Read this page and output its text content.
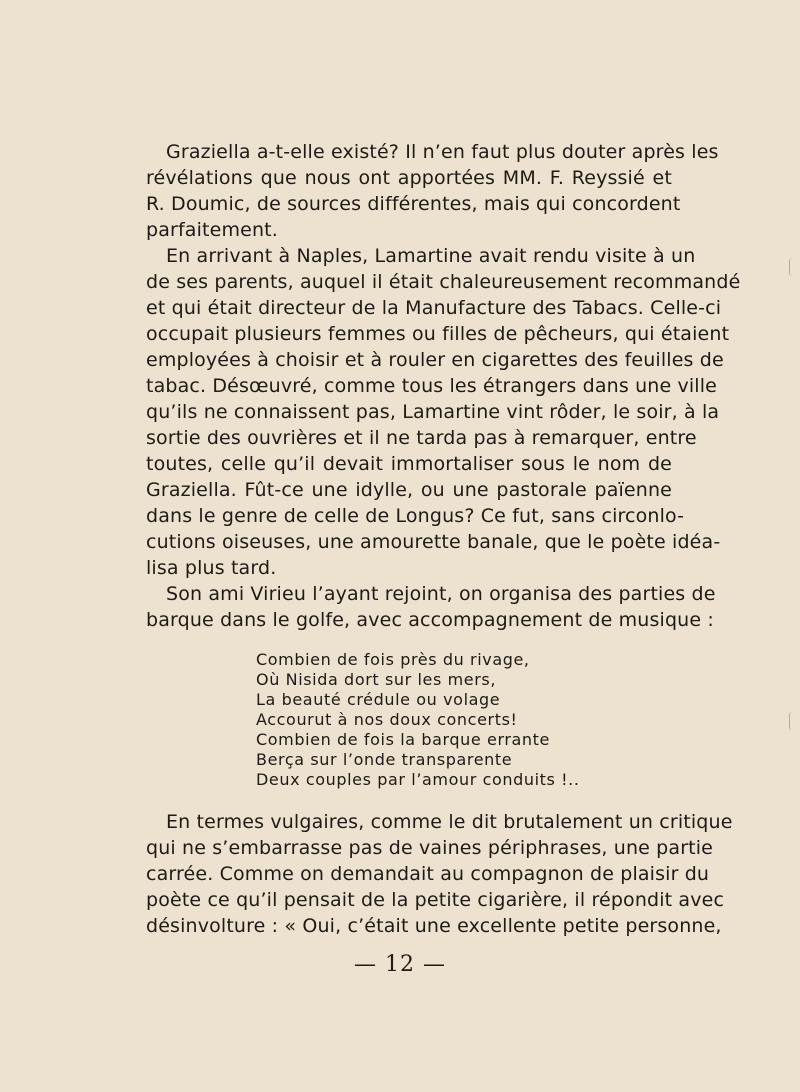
Graziella a-t-elle existé? Il n’en faut plus douter après les
révélations que nous ont apportées MM. F. Reyssié et
R. Doumic, de sources différentes, mais qui concordent
parfaitement.
En arrivant à Naples, Lamartine avait rendu visite à un
de ses parents, auquel il était chaleureusement recommandé
et qui était directeur de la Manufacture des Tabacs. Celle-ci
occupait plusieurs femmes ou filles de pêcheurs, qui étaient
employées à choisir et à rouler en cigarettes des feuilles de
tabac. Désœuvré, comme tous les étrangers dans une ville
qu’ils ne connaissent pas, Lamartine vint rôder, le soir, à la
sortie des ouvrières et il ne tarda pas à remarquer, entre
toutes, celle qu’il devait immortaliser sous le nom de
Graziella. Fût-ce une idylle, ou une pastorale païenne
dans le genre de celle de Longus? Ce fut, sans circonlo-
cutions oiseuses, une amourette banale, que le poète idéa-
lisa plus tard.
Son ami Virieu l’ayant rejoint, on organisa des parties de
barque dans le golfe, avec accompagnement de musique :
Combien de fois près du rivage,
Où Nisida dort sur les mers,
La beauté crédule ou volage
Accourut à nos doux concerts!
Combien de fois la barque errante
Berça sur l’onde transparente
Deux couples par l’amour conduits !..
En termes vulgaires, comme le dit brutalement un critique
qui ne s’embarrasse pas de vaines périphrases, une partie
carrée. Comme on demandait au compagnon de plaisir du
poète ce qu’il pensait de la petite cigarière, il répondit avec
désinvolture : « Oui, c’était une excellente petite personne,
— 12 —
